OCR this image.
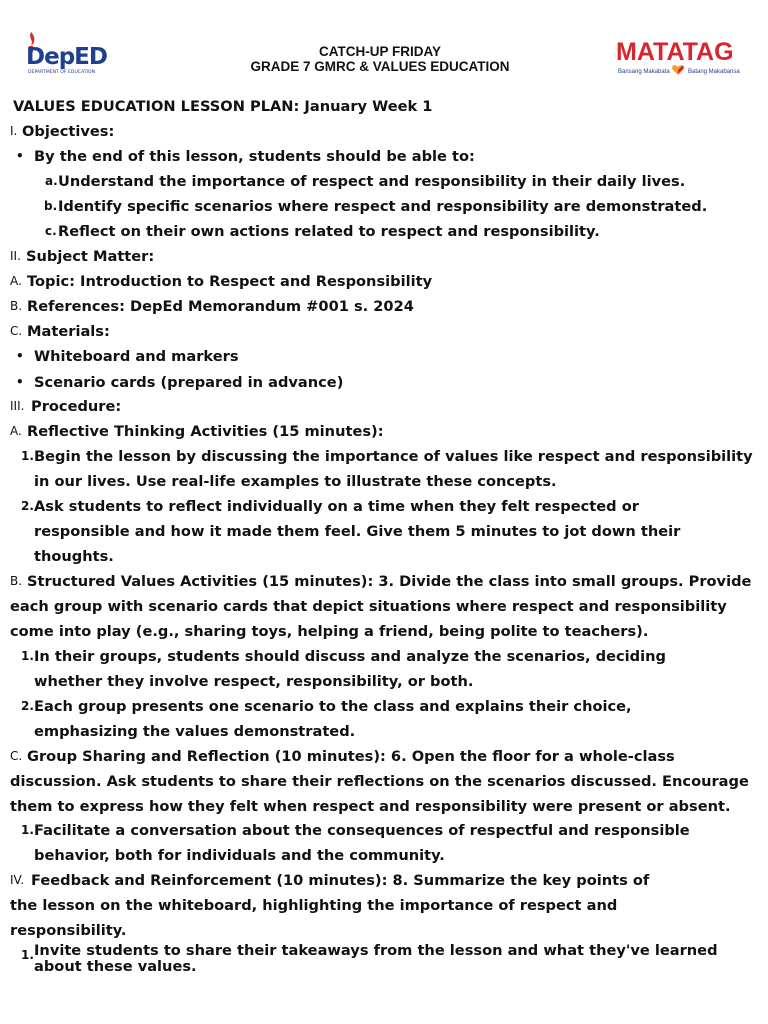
DepED
DEPARTMENT OF EDUCATION
CATCH-UP FRIDAY
GRADE 7 GMRC & VALUES EDUCATION
MATATAG
Bansang Makabata	Batang Makabansa
VALUES EDUCATION LESSON PLAN: January Week 1
I. Objectives:
• By the end of this lesson, students should be able to:
a. Understand the importance of respect and responsibility in their daily lives.
b. Identify specific scenarios where respect and responsibility are demonstrated.
c. Reflect on their own actions related to respect and responsibility.
II. Subject Matter:
A. Topic: Introduction to Respect and Responsibility
B. References: DepEd Memorandum #001 s. 2024
C. Materials:
• Whiteboard and markers
• Scenario cards (prepared in advance)
III. Procedure:
A. Reflective Thinking Activities (15 minutes):
1. Begin the lesson by discussing the importance of values like respect and responsibility
in our lives. Use real-life examples to illustrate these concepts.
2. Ask students to reflect individually on a time when they felt respected or
responsible and how it made them feel. Give them 5 minutes to jot down their
thoughts.
B. Structured Values Activities (15 minutes): 3. Divide the class into small groups. Provide
each group with scenario cards that depict situations where respect and responsibility
come into play (e.g., sharing toys, helping a friend, being polite to teachers).
1. In their groups, students should discuss and analyze the scenarios, deciding
whether they involve respect, responsibility, or both.
2. Each group presents one scenario to the class and explains their choice,
emphasizing the values demonstrated.
C. Group Sharing and Reflection (10 minutes): 6. Open the floor for a whole-class
discussion. Ask students to share their reflections on the scenarios discussed. Encourage
them to express how they felt when respect and responsibility were present or absent.
1. Facilitate a conversation about the consequences of respectful and responsible
behavior, both for individuals and the community.
IV. Feedback and Reinforcement (10 minutes): 8. Summarize the key points of
the lesson on the whiteboard, highlighting the importance of respect and
responsibility.
1. Invite students to share their takeaways from the lesson and what they've learned
about these values.
